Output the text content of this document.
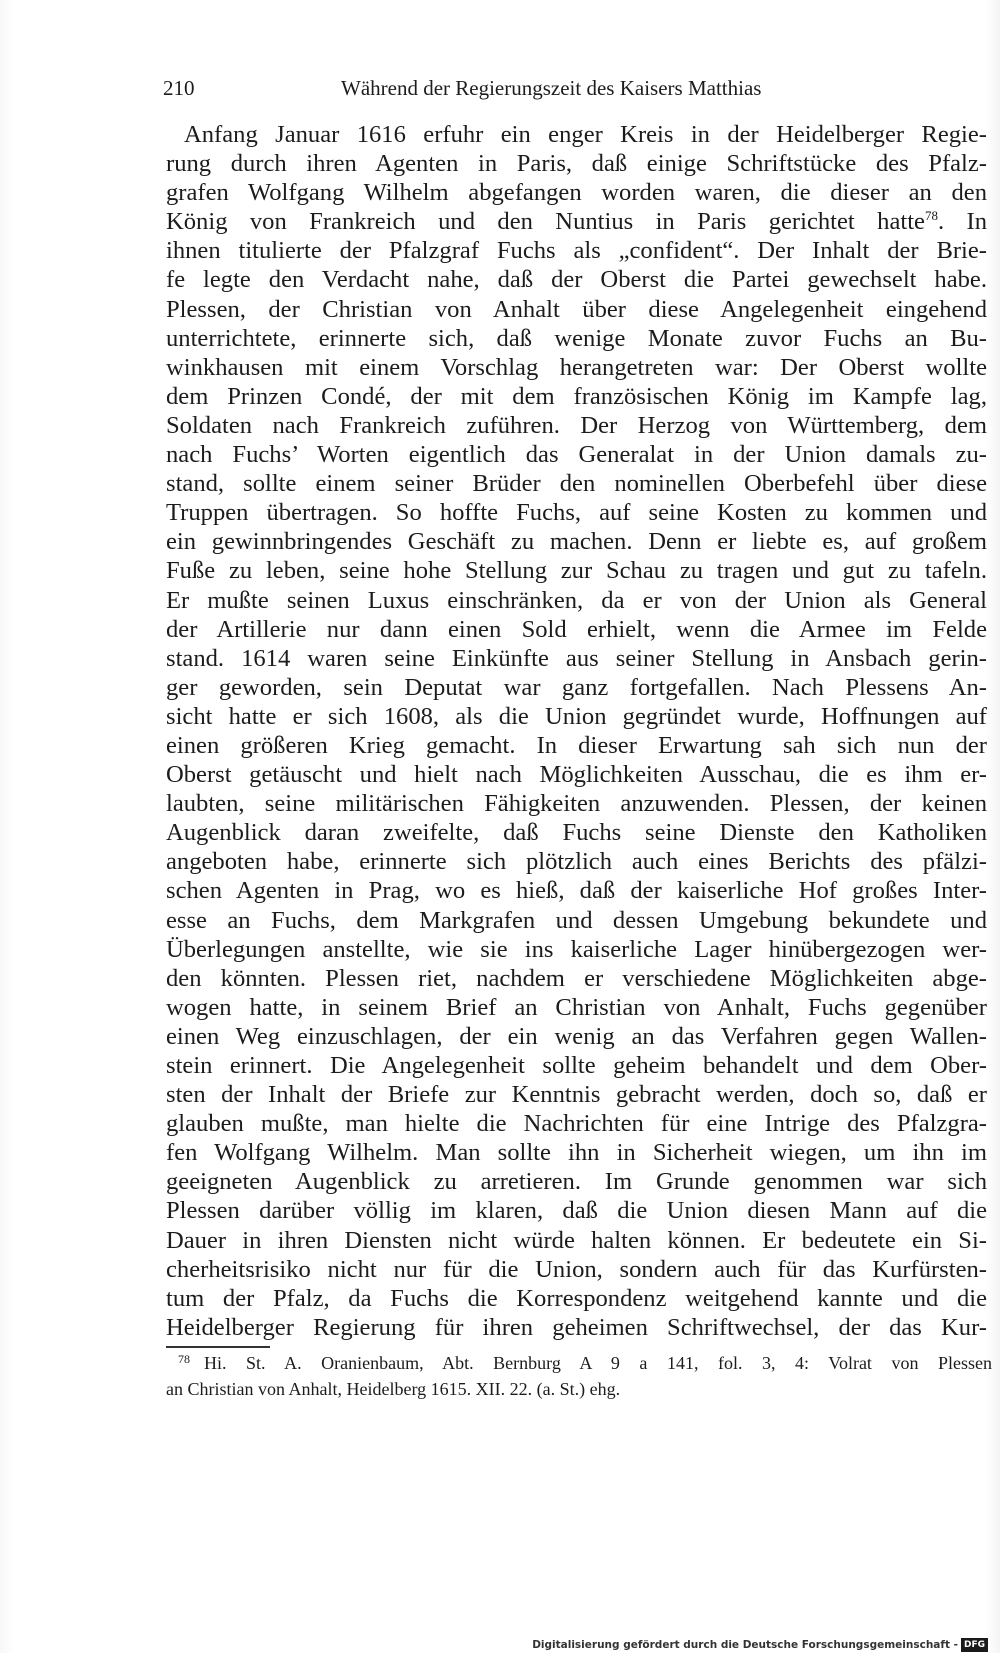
210	Während der Regierungszeit des Kaisers Matthias
Anfang Januar 1616 erfuhr ein enger Kreis in der Heidelberger Regie-
rung durch ihren Agenten in Paris, daß einige Schriftstücke des Pfalz-
grafen Wolfgang Wilhelm abgefangen worden waren, die dieser an den
König von Frankreich und den Nuntius in Paris gerichtet hatte$^{78}$. In
ihnen titulierte der Pfalzgraf Fuchs als „confident“. Der Inhalt der Brie-
fe legte den Verdacht nahe, daß der Oberst die Partei gewechselt habe.
Plessen, der Christian von Anhalt über diese Angelegenheit eingehend
unterrichtete, erinnerte sich, daß wenige Monate zuvor Fuchs an Bu-
winkhausen mit einem Vorschlag herangetreten war: Der Oberst wollte
dem Prinzen Condé, der mit dem französischen König im Kampfe lag,
Soldaten nach Frankreich zuführen. Der Herzog von Württemberg, dem
nach Fuchs’ Worten eigentlich das Generalat in der Union damals zu-
stand, sollte einem seiner Brüder den nominellen Oberbefehl über diese
Truppen übertragen. So hoffte Fuchs, auf seine Kosten zu kommen und
ein gewinnbringendes Geschäft zu machen. Denn er liebte es, auf großem
Fuße zu leben, seine hohe Stellung zur Schau zu tragen und gut zu tafeln.
Er mußte seinen Luxus einschränken, da er von der Union als General
der Artillerie nur dann einen Sold erhielt, wenn die Armee im Felde
stand. 1614 waren seine Einkünfte aus seiner Stellung in Ansbach gerin-
ger geworden, sein Deputat war ganz fortgefallen. Nach Plessens An-
sicht hatte er sich 1608, als die Union gegründet wurde, Hoffnungen auf
einen größeren Krieg gemacht. In dieser Erwartung sah sich nun der
Oberst getäuscht und hielt nach Möglichkeiten Ausschau, die es ihm er-
laubten, seine militärischen Fähigkeiten anzuwenden. Plessen, der keinen
Augenblick daran zweifelte, daß Fuchs seine Dienste den Katholiken
angeboten habe, erinnerte sich plötzlich auch eines Berichts des pfälzi-
schen Agenten in Prag, wo es hieß, daß der kaiserliche Hof großes Inter-
esse an Fuchs, dem Markgrafen und dessen Umgebung bekundete und
Überlegungen anstellte, wie sie ins kaiserliche Lager hinübergezogen wer-
den könnten. Plessen riet, nachdem er verschiedene Möglichkeiten abge-
wogen hatte, in seinem Brief an Christian von Anhalt, Fuchs gegenüber
einen Weg einzuschlagen, der ein wenig an das Verfahren gegen Wallen-
stein erinnert. Die Angelegenheit sollte geheim behandelt und dem Ober-
sten der Inhalt der Briefe zur Kenntnis gebracht werden, doch so, daß er
glauben mußte, man hielte die Nachrichten für eine Intrige des Pfalzgra-
fen Wolfgang Wilhelm. Man sollte ihn in Sicherheit wiegen, um ihn im
geeigneten Augenblick zu arretieren. Im Grunde genommen war sich
Plessen darüber völlig im klaren, daß die Union diesen Mann auf die
Dauer in ihren Diensten nicht würde halten können. Er bedeutete ein Si-
cherheitsrisiko nicht nur für die Union, sondern auch für das Kurfürsten-
tum der Pfalz, da Fuchs die Korrespondenz weitgehend kannte und die
Heidelberger Regierung für ihren geheimen Schriftwechsel, der das Kur-
78 Hi. St. A. Oranienbaum, Abt. Bernburg A 9 a 141, fol. 3, 4: Volrat von Plessen
an Christian von Anhalt, Heidelberg 1615. XII. 22. (a. St.) ehg.
Digitalisierung gefördert durch die Deutsche Forschungsgemeinschaft - DFG
